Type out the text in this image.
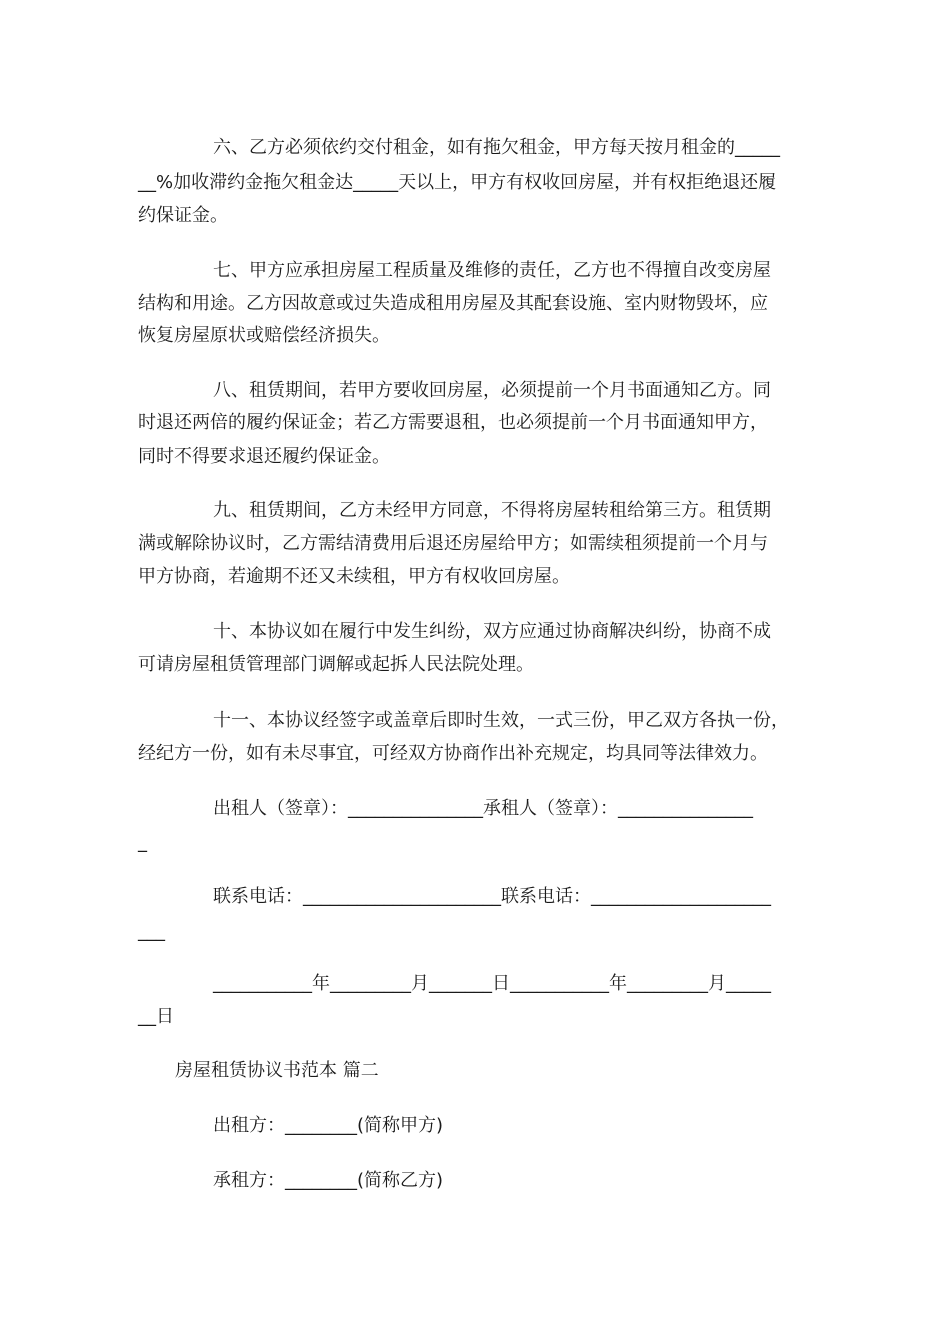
六、乙方必须依约交付租金，如有拖欠租金，甲方每天按月租金的_____
__%加收滞约金拖欠租金达_____天以上，甲方有权收回房屋，并有权拒绝退还履
约保证金。
七、甲方应承担房屋工程质量及维修的责任，乙方也不得擅自改变房屋
结构和用途。乙方因故意或过失造成租用房屋及其配套设施、室内财物毁坏，应
恢复房屋原状或赔偿经济损失。
八、租赁期间，若甲方要收回房屋，必须提前一个月书面通知乙方。同
时退还两倍的履约保证金；若乙方需要退租，也必须提前一个月书面通知甲方，
同时不得要求退还履约保证金。
九、租赁期间，乙方未经甲方同意，不得将房屋转租给第三方。租赁期
满或解除协议时，乙方需结清费用后退还房屋给甲方；如需续租须提前一个月与
甲方协商，若逾期不还又未续租，甲方有权收回房屋。
十、本协议如在履行中发生纠纷，双方应通过协商解决纠纷，协商不成
可请房屋租赁管理部门调解或起拆人民法院处理。
十一、本协议经签字或盖章后即时生效，一式三份，甲乙双方各执一份，
经纪方一份，如有未尽事宜，可经双方协商作出补充规定，均具同等法律效力。
出租人（签章）：_______________承租人（签章）：_______________
_
联系电话：______________________联系电话：____________________
___
___________年_________月_______日___________年_________月_____
__日
房屋租赁协议书范本 篇二
出租方：________(简称甲方)
承租方：________(简称乙方)
